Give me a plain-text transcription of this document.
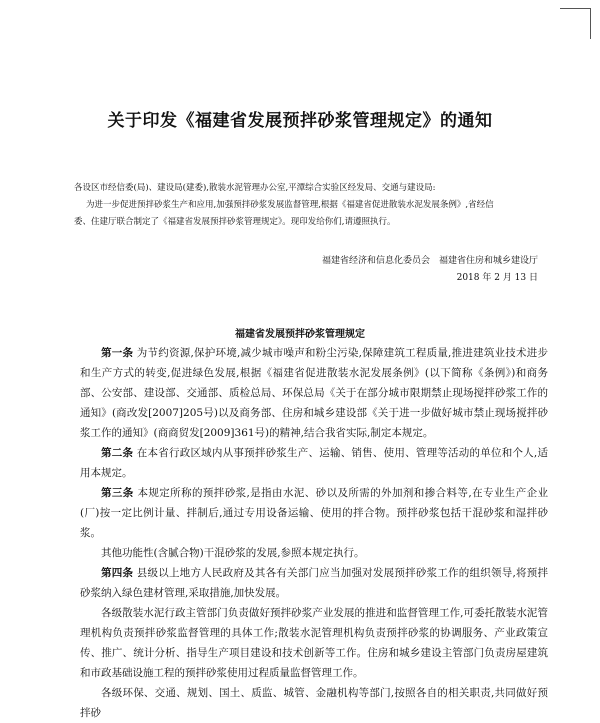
关于印发《福建省发展预拌砂浆管理规定》的通知
各设区市经信委(局)、建设局(建委),散装水泥管理办公室,平潭综合实验区经发局、交通与建设局:
为进一步促进预拌砂浆生产和应用,加强预拌砂浆发展监督管理,根据《福建省促进散装水泥发展条例》,省经信
委、住建厅联合制定了《福建省发展预拌砂浆管理规定》。现印发给你们,请遵照执行。
福建省经济和信息化委员会　福建省住房和城乡建设厅
2018 年 2 月 13 日
福建省发展预拌砂浆管理规定

第一条 为节约资源,保护环境,减少城市噪声和粉尘污染,保障建筑工程质量,推进建筑业技术进步和生产方式的转变,促进绿色发展,根据《福建省促进散装水泥发展条例》(以下简称《条例》)和商务部、公安部、建设部、交通部、质检总局、环保总局《关于在部分城市限期禁止现场搅拌砂浆工作的通知》(商改发[2007]205号)以及商务部、住房和城乡建设部《关于进一步做好城市禁止现场搅拌砂浆工作的通知》(商商贸发[2009]361号)的精神,结合我省实际,制定本规定。

第二条 在本省行政区域内从事预拌砂浆生产、运输、销售、使用、管理等活动的单位和个人,适用本规定。

第三条 本规定所称的预拌砂浆,是指由水泥、砂以及所需的外加剂和掺合料等,在专业生产企业(厂)按一定比例计量、拌制后,通过专用设备运输、使用的拌合物。预拌砂浆包括干混砂浆和湿拌砂浆。

其他功能性(含腻合物)干混砂浆的发展,参照本规定执行。

第四条 县级以上地方人民政府及其各有关部门应当加强对发展预拌砂浆工作的组织领导,将预拌砂浆纳入绿色建材管理,采取措施,加快发展。

各级散装水泥行政主管部门负责做好预拌砂浆产业发展的推进和监督管理工作,可委托散装水泥管理机构负责预拌砂浆监督管理的具体工作;散装水泥管理机构负责预拌砂浆的协调服务、产业政策宣传、推广、统计分析、指导生产项目建设和技术创新等工作。住房和城乡建设主管部门负责房屋建筑和市政基础设施工程的预拌砂浆使用过程质量监督管理工作。

各级环保、交通、规划、国土、质监、城管、金融机构等部门,按照各自的相关职责,共同做好预拌砂
